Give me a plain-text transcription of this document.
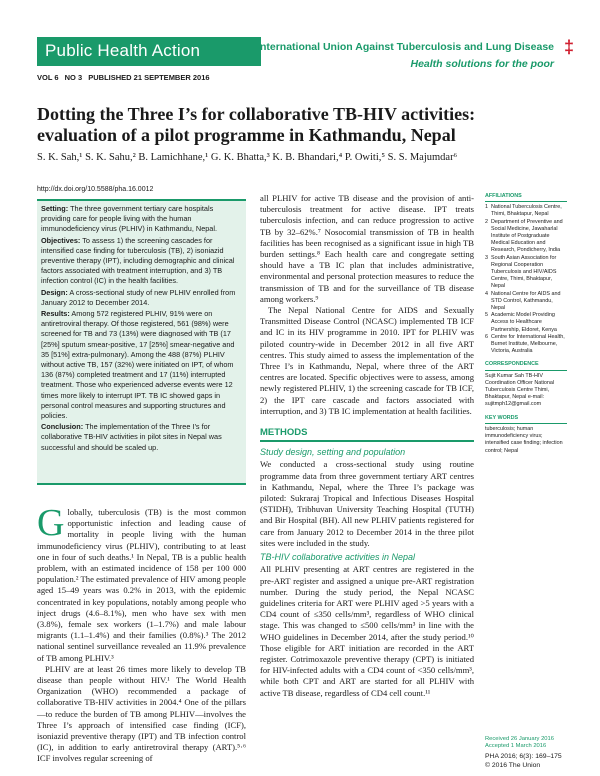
Public Health Action	International Union Against Tuberculosis and Lung Disease
Health solutions for the poor
‡
VOL 6 NO 3 PUBLISHED 21 SEPTEMBER 2016
Dotting the Three I’s for collaborative TB-HIV activities: evaluation of a pilot programme in Kathmandu, Nepal
S. K. Sah,¹ S. K. Sahu,² B. Lamichhane,¹ G. K. Bhatta,³ K. B. Bhandari,⁴ P. Owiti,⁵ S. S. Majumdar⁶
http://dx.doi.org/10.5588/pha.16.0012

Setting: The three government tertiary care hospitals providing care for people living with the human immunodeficiency virus (PLHIV) in Kathmandu, Nepal.

Objectives: To assess 1) the screening cascades for intensified case finding for tuberculosis (TB), 2) isoniazid preventive therapy (IPT), including demographic and clinical factors associated with treatment interruption, and 3) TB infection control (IC) in the health facilities.

Design: A cross-sectional study of new PLHIV enrolled from January 2012 to December 2014.

Results: Among 572 registered PLHIV, 91% were on antiretroviral therapy. Of those registered, 561 (98%) were screened for TB and 73 (13%) were diagnosed with TB (17 [25%] sputum smear-positive, 17 [25%] smear-negative and 35 [51%] extra-pulmonary). Among the 488 (87%) PLHIV without active TB, 157 (32%) were initiated on IPT, of whom 136 (87%) completed treatment and 17 (11%) interrupted treatment. Those who experienced adverse events were 12 times more likely to interrupt IPT. TB IC showed gaps in personal control measures and supporting structures and policies.

Conclusion: The implementation of the Three I’s for collaborative TB-HIV activities in pilot sites in Nepal was successful and should be scaled up.

Globally, tuberculosis (TB) is the most common opportunistic infection and leading cause of mortality in people living with the human immunodeficiency virus (PLHIV), contributing to at least one in four of such deaths.¹ In Nepal, TB is a public health problem, with an estimated incidence of 158 per 100 000 population.² The estimated prevalence of HIV among people aged 15–49 years was 0.2% in 2013, with the epidemic concentrated in key populations, notably among people who inject drugs (4.6–8.1%), men who have sex with men (3.8%), female sex workers (1–1.7%) and male labour migrants (1.1–1.4%) and their families (0.8%).³ The 2012 national sentinel surveillance revealed an 11.9% prevalence of TB among PLHIV.³

PLHIV are at least 26 times more likely to develop TB disease than people without HIV.¹ The World Health Organization (WHO) recommended a package of collaborative TB-HIV activities in 2004.⁴ One of the pillars—to reduce the burden of TB among PLHIV—involves the Three I’s approach of intensified case finding (ICF), isoniazid preventive therapy (IPT) and TB infection control (IC), in addition to early antiretroviral therapy (ART).⁵·⁶ ICF involves regular screening of

all PLHIV for active TB disease and the provision of anti-tuberculosis treatment for active disease. IPT treats tuberculosis infection, and can reduce progression to active TB by 32–62%.⁷ Nosocomial transmission of TB in health facilities has been recognised as a significant issue in high TB burden settings.⁸ Each health care and congregate setting should have a TB IC plan that includes administrative, environmental and personal protection measures to reduce the transmission of TB and for the surveillance of TB disease among workers.⁹

The Nepal National Centre for AIDS and Sexually Transmitted Disease Control (NCASC) implemented TB ICF and IC in its HIV programme in 2010. IPT for PLHIV was piloted country-wide in December 2012 in all five ART centres. This study aimed to assess the implementation of the Three I’s in Kathmandu, Nepal, where three of the ART centres are located. Specific objectives were to assess, among newly registered PLHIV, 1) the screening cascade for TB ICF, 2) the IPT care cascade and factors associated with interruption, and 3) TB IC implementation at health facilities.

METHODS
Study design, setting and population

We conducted a cross-sectional study using routine programme data from three government tertiary ART centres in Kathmandu, Nepal, where the Three I’s package was piloted: Sukraraj Tropical and Infectious Diseases Hospital (STIDH), Tribhuvan University Teaching Hospital (TUTH) and Bir Hospital (BH). All new PLHIV patients registered for care from January 2012 to December 2014 in the three pilot sites were included in the study.

TB-HIV collaborative activities in Nepal

All PLHIV presenting at ART centres are registered in the pre-ART register and assigned a unique pre-ART registration number. During the study period, the Nepal NCASC guidelines criteria for ART were PLHIV aged >5 years with a CD4 count of ≤350 cells/mm³, regardless of WHO clinical stage. This was changed to ≤500 cells/mm³ in line with the WHO guidelines in December 2014, after the study period.¹⁰ Those eligible for ART initiation are recorded in the ART register. Cotrimoxazole preventive therapy (CPT) is initiated for HIV-infected adults with a CD4 count of <350 cells/mm³, while both CPT and ART are started for all PLHIV with active TB disease, regardless of CD4 cell count.¹¹

AFFILIATIONS
1 National Tuberculosis Centre, Thimi, Bhaktapur, Nepal
2 Department of Preventive and Social Medicine, Jawaharlal Institute of Postgraduate Medical Education and Research, Pondicherry, India
3 South Asian Association for Regional Cooperation Tuberculosis and HIV/AIDS Centre, Thimi, Bhaktapur, Nepal
4 National Centre for AIDS and STD Control, Kathmandu, Nepal
5 Academic Model Providing Access to Healthcare Partnership, Eldoret, Kenya
6 Centre for International Health, Burnet Institute, Melbourne, Victoria, Australia
CORRESPONDENCE
Sujit Kumar Sah TB-HIV Coordination Officer National Tuberculosis Centre Thimi, Bhaktapur, Nepal e-mail: sujitmph12@gmail.com
KEY WORDS
tuberculosis; human immunodeficiency virus; intensified case finding; infection control; Nepal
Received 26 January 2016
Accepted 1 March 2016
PHA 2016; 6(3): 169–175
© 2016 The Union
